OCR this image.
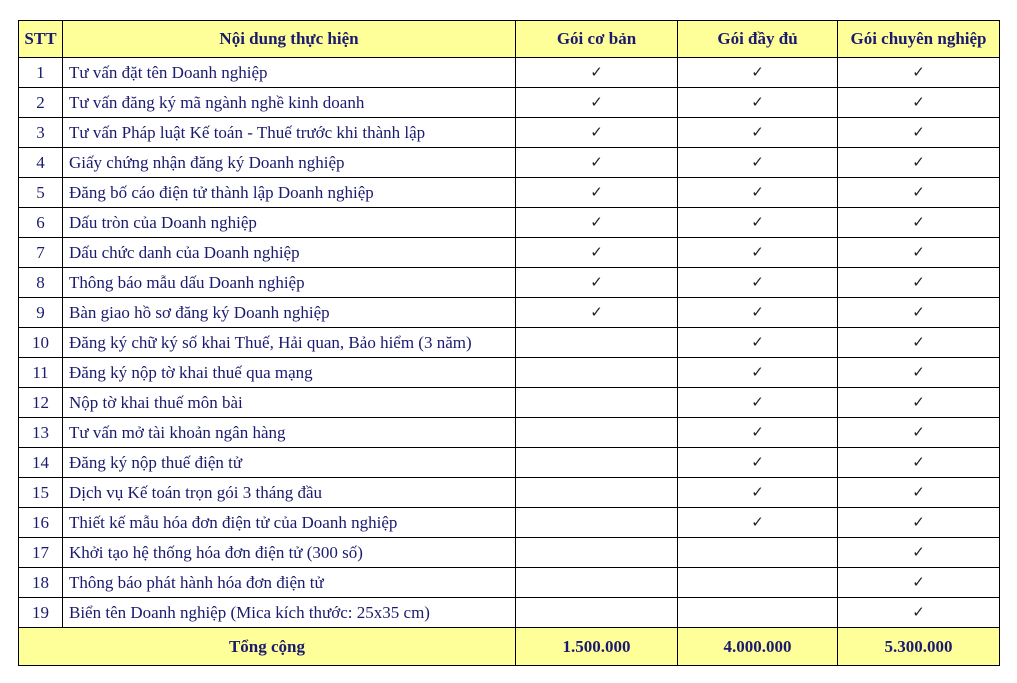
STT	Nội dung thực hiện	Gói cơ bản	Gói đầy đủ	Gói chuyên nghiệp
1	Tư vấn đặt tên Doanh nghiệp	✓	✓	✓
2	Tư vấn đăng ký mã ngành nghề kinh doanh	✓	✓	✓
3	Tư vấn Pháp luật Kế toán - Thuế trước khi thành lập	✓	✓	✓
4	Giấy chứng nhận đăng ký Doanh nghiệp	✓	✓	✓
5	Đăng bố cáo điện tử thành lập Doanh nghiệp	✓	✓	✓
6	Dấu tròn của Doanh nghiệp	✓	✓	✓
7	Dấu chức danh của Doanh nghiệp	✓	✓	✓
8	Thông báo mẫu dấu Doanh nghiệp	✓	✓	✓
9	Bàn giao hồ sơ đăng ký Doanh nghiệp	✓	✓	✓
10	Đăng ký chữ ký số khai Thuế, Hải quan, Bảo hiểm (3 năm)		✓	✓
11	Đăng ký nộp tờ khai thuế qua mạng		✓	✓
12	Nộp tờ khai thuế môn bài		✓	✓
13	Tư vấn mở tài khoản ngân hàng		✓	✓
14	Đăng ký nộp thuế điện tử		✓	✓
15	Dịch vụ Kế toán trọn gói 3 tháng đầu		✓	✓
16	Thiết kế mẫu hóa đơn điện tử của Doanh nghiệp		✓	✓
17	Khởi tạo hệ thống hóa đơn điện tử (300 số)			✓
18	Thông báo phát hành hóa đơn điện tử			✓
19	Biển tên Doanh nghiệp (Mica kích thước: 25x35 cm)			✓
Tổng cộng		1.500.000	4.000.000	5.300.000
